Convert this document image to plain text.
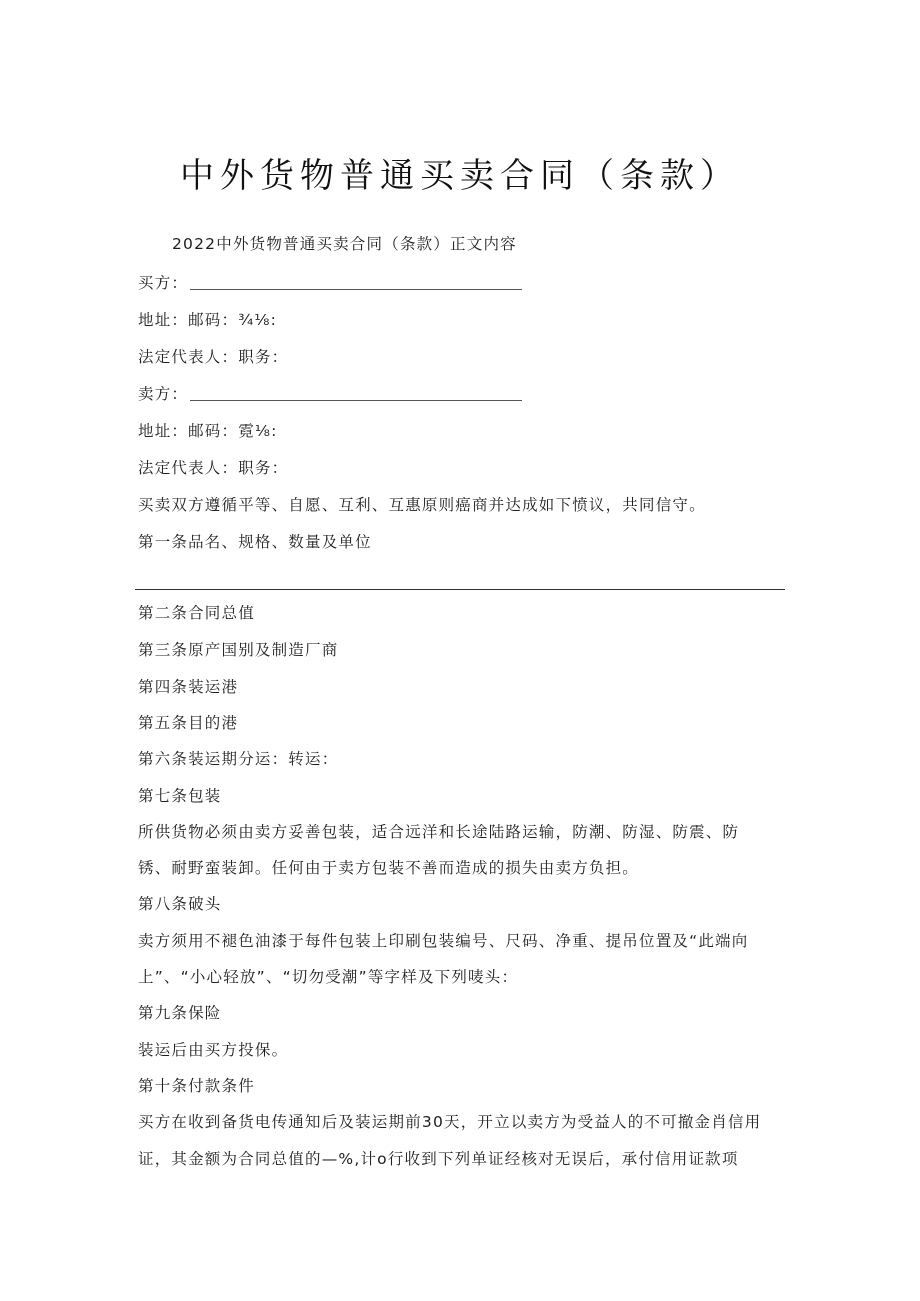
中外货物普通买卖合同（条款）
2022中外货物普通买卖合同（条款）正文内容
买方：
地址：邮码：¾⅛:
法定代表人：职务：
卖方：
地址：邮码：霓⅛:
法定代表人：职务：
买卖双方遵循平等、自愿、互利、互惠原则癌商并达成如下愤议，共同信守。
第一条品名、规格、数量及单位
第二条合同总值
第三条原产国别及制造厂商
第四条装运港
第五条目的港
第六条装运期分运：转运：
第七条包装
所供货物必须由卖方妥善包装，适合远洋和长途陆路运输，防潮、防湿、防震、防
锈、耐野蛮装卸。任何由于卖方包装不善而造成的损失由卖方负担。
第八条破头
卖方须用不褪色油漆于每件包装上印刷包装编号、尺码、净重、提吊位置及“此端向
上”、“小心轻放”、“切勿受潮”等字样及下列唛头：
第九条保险
装运后由买方投保。
第十条付款条件
买方在收到备货电传通知后及装运期前30天，开立以卖方为受益人的不可撤金肖信用
证，其金额为合同总值的—%,计o行收到下列单证经核对无误后，承付信用证款项
